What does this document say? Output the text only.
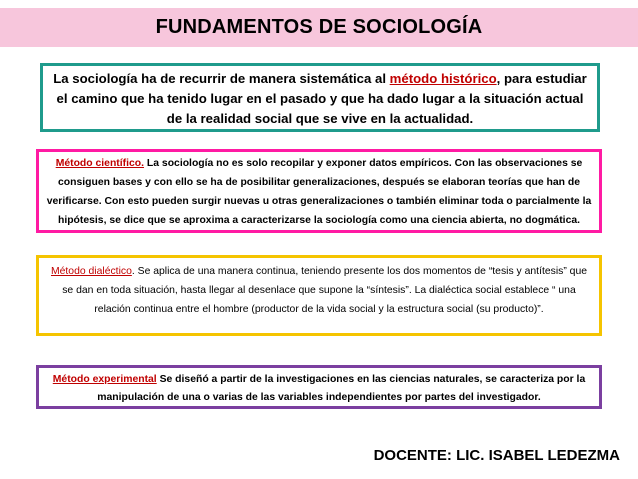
FUNDAMENTOS DE SOCIOLOGÍA
La sociología ha de recurrir de manera sistemática al método histórico, para estudiar el camino que ha tenido lugar en el pasado y que ha dado lugar a la situación actual de la realidad social que se vive en la actualidad.
Método científico. La sociología no es solo recopilar y exponer datos empíricos. Con las observaciones se consiguen bases y con ello se ha de posibilitar generalizaciones, después se elaboran teorías que han de verificarse. Con esto pueden surgir nuevas u otras generalizaciones o también eliminar toda o parcialmente la hipótesis, se dice que se aproxima a caracterizarse la sociología como una ciencia abierta, no dogmática.
Método dialéctico. Se aplica de una manera continua, teniendo presente los dos momentos de “tesis y antítesis” que se dan en toda situación, hasta llegar al desenlace que supone la “síntesis”. La dialéctica social establece “ una relación continua entre el hombre (productor de la vida social y la estructura social (su producto)”.
Método experimental Se diseñó a partir de la investigaciones en las ciencias naturales, se caracteriza por la manipulación de una o varias de las variables independientes por partes del investigador.
DOCENTE: LIC. ISABEL LEDEZMA
